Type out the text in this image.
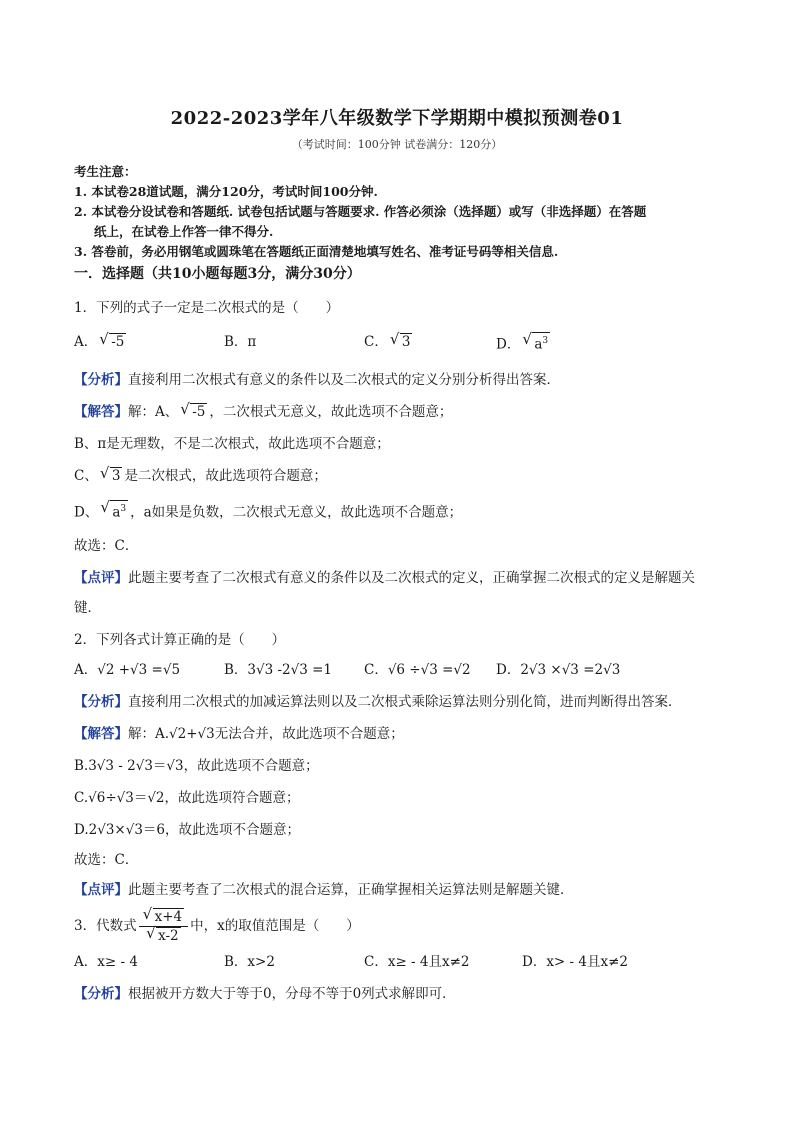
2022-2023学年八年级数学下学期期中模拟预测卷01
（考试时间：100分钟 试卷满分：120分）
考生注意：
1. 本试卷28道试题，满分120分，考试时间100分钟.
2. 本试卷分设试卷和答题纸. 试卷包括试题与答题要求. 作答必须涂（选择题）或写（非选择题）在答题
纸上，在试卷上作答一律不得分.
3. 答卷前，务必用钢笔或圆珠笔在答题纸正面清楚地填写姓名、准考证号码等相关信息.
一．选择题（共10小题每题3分，满分30分）
1．下列的式子一定是二次根式的是（　　）
A． √ -5	B．π	C． √ 3	D． √ $a^3$
【分析】直接利用二次根式有意义的条件以及二次根式的定义分别分析得出答案．
【解答】解：A、 √ -5 ，二次根式无意义，故此选项不合题意；
B、π是无理数，不是二次根式，故此选项不合题意；
C、 √ 3 是二次根式，故此选项符合题意；
D、 √ $a^3$ ，a如果是负数，二次根式无意义，故此选项不合题意；
故选：C．
【点评】此题主要考查了二次根式有意义的条件以及二次根式的定义，正确掌握二次根式的定义是解题关
键．
2．下列各式计算正确的是（　　）
A．√2 +√3 =√5	B．3√3 -2√3 =1 C．√6 ÷√3 =√2 D．2√3 ×√3 =2√3
【分析】直接利用二次根式的加减运算法则以及二次根式乘除运算法则分别化简，进而判断得出答案．
【解答】解：A.√2+√3无法合并，故此选项不合题意；
B.3√3 - 2√3＝√3，故此选项不合题意；
C.√6÷√3＝√2，故此选项符合题意；
D.2√3×√3＝6，故此选项不合题意；
故选：C．
【点评】此题主要考查了二次根式的混合运算，正确掌握相关运算法则是解题关键．
3．代数式 √ x+4
√ x-2 中，x的取值范围是（　　）
A．x≥ - 4	B．x>2	C．x≥ - 4且x≠2	D．x> - 4且x≠2
【分析】根据被开方数大于等于0，分母不等于0列式求解即可．
